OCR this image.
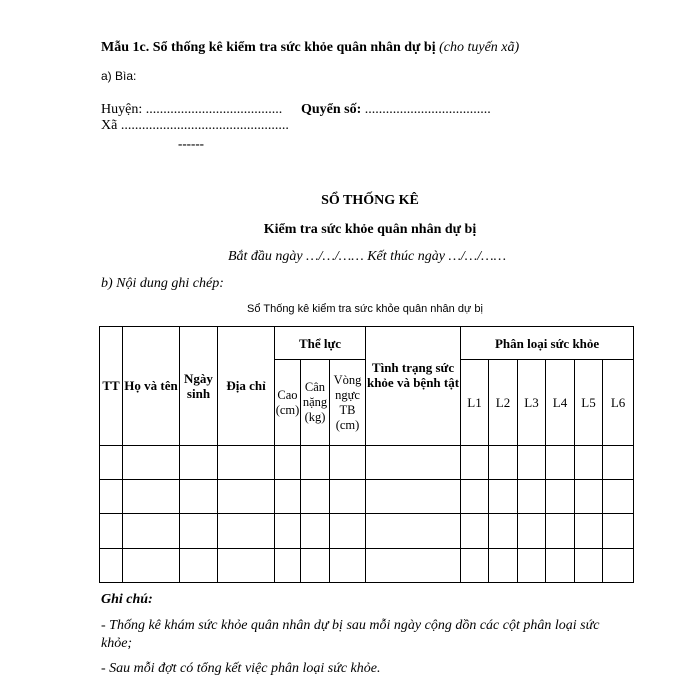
Mẫu 1c. Sổ thống kê kiểm tra sức khỏe quân nhân dự bị (cho tuyến xã)
a) Bìa:
Huyện: ....................................... Quyển số: ....................................
Xã ................................................
------
SỔ THỐNG KÊ
Kiểm tra sức khỏe quân nhân dự bị
Bắt đầu ngày …/…/…… Kết thúc ngày …/…/……
b) Nội dung ghi chép:
Sổ Thống kê kiểm tra sức khỏe quân nhân dự bị
TT	Họ và tên	Ngày sinh	Địa chỉ	Thể lực			Tình trạng sức khỏe và bệnh tật	Phân loại sức khỏe					
				Cao (cm)	Cân nặng (kg)	Vòng ngực TB (cm)		L1	L2	L3	L4	L5	L6

Ghi chú:
- Thống kê khám sức khỏe quân nhân dự bị sau mỗi ngày cộng dồn các cột phân loại sức
khỏe;
- Sau mỗi đợt có tổng kết việc phân loại sức khỏe.
